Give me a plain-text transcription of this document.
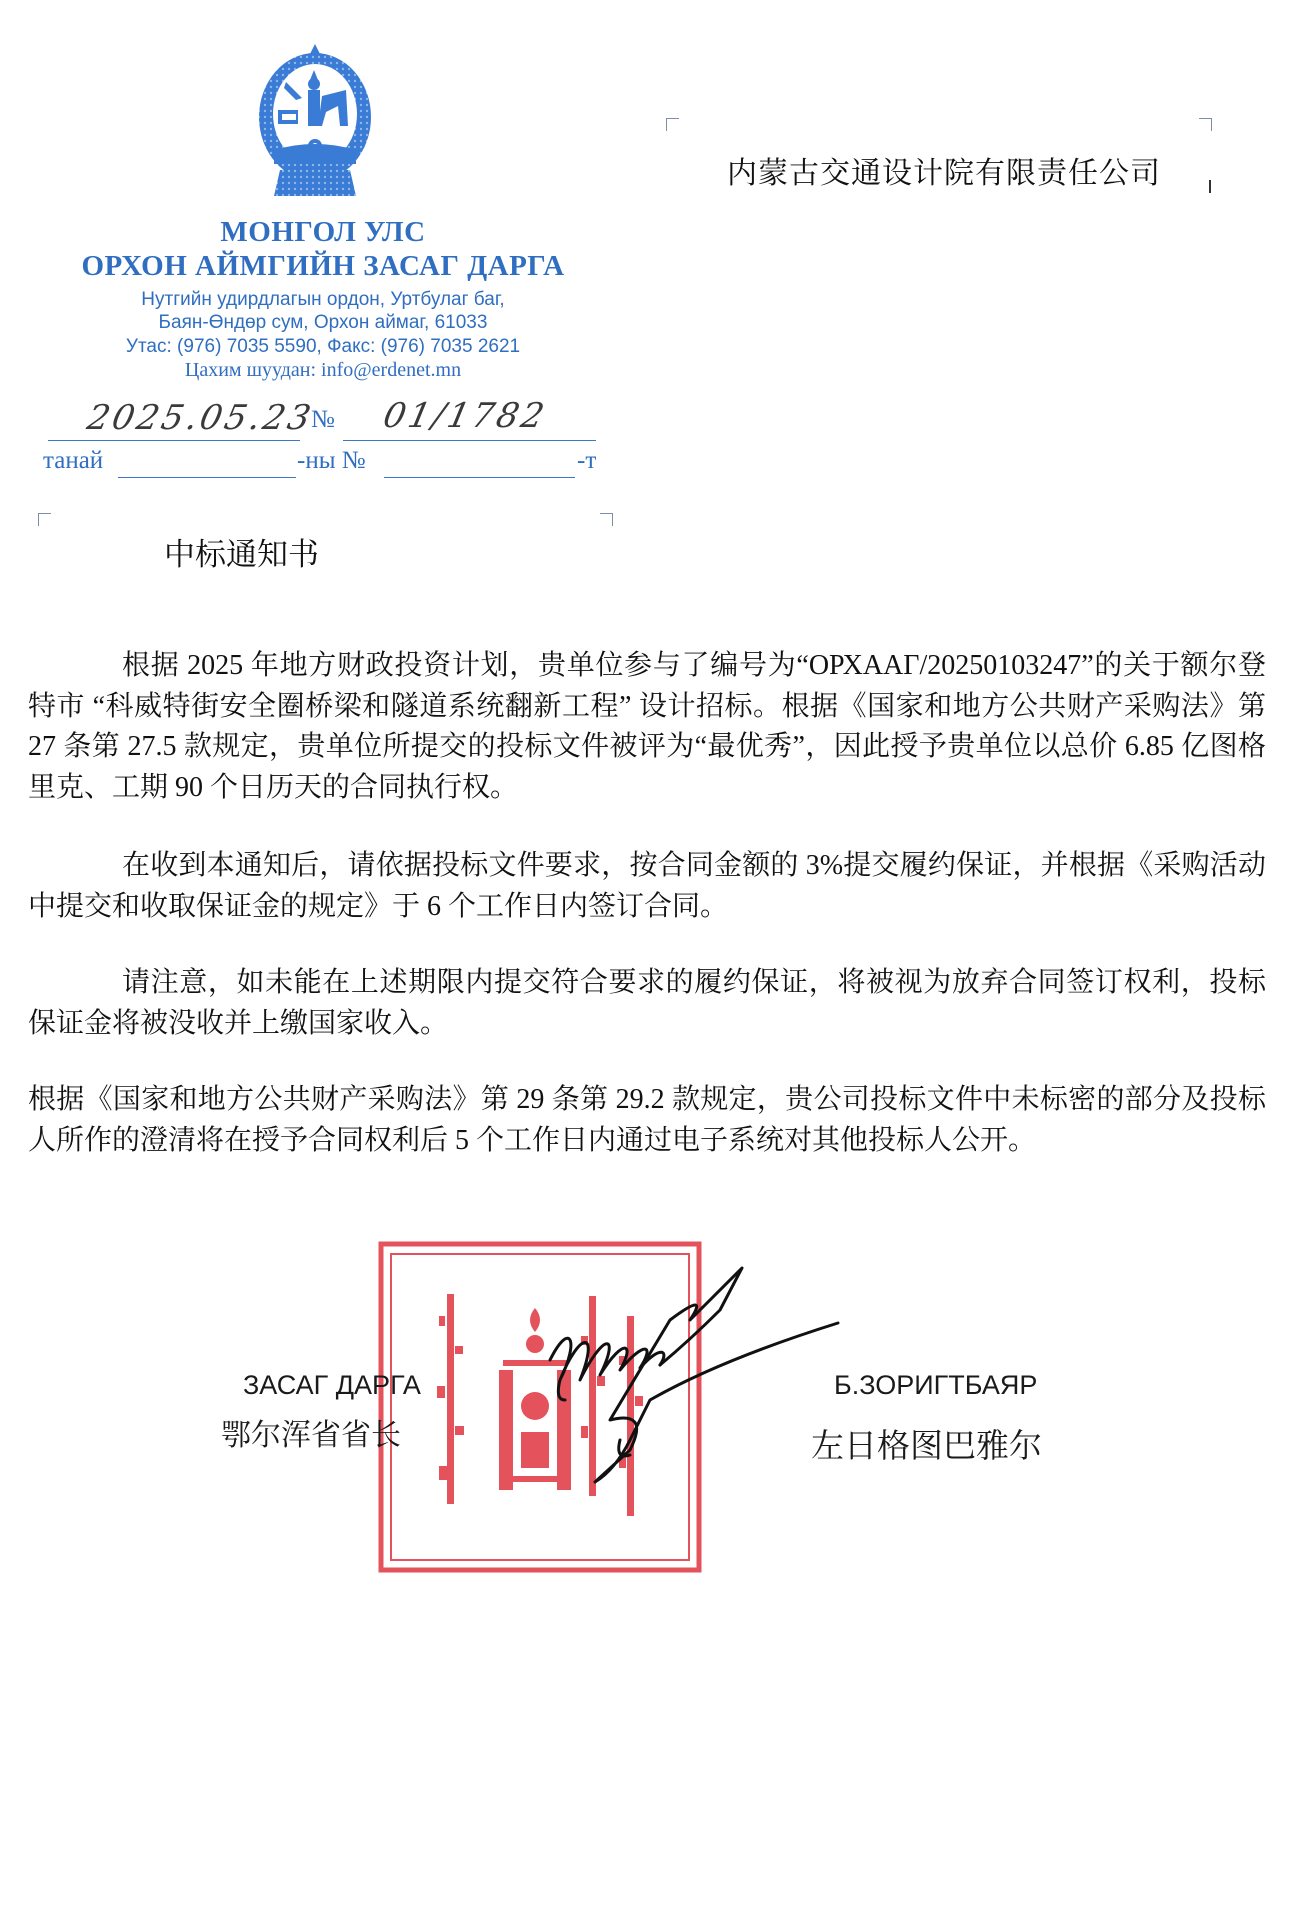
МОНГОЛ УЛС
ОРХОН АЙМГИЙН ЗАСАГ ДАРГА
Нутгийн удирдлагын ордон, Уртбулаг баг,
Баян-Өндөр сум, Орхон аймаг, 61033
Утас: (976) 7035 5590, Факс: (976) 7035 2621
Цахим шуудан: info@erdenet.mn
2025.05.23
№ 01/1782
танай	-ны №	-т
中标通知书
内蒙古交通设计院有限责任公司
根据 2025 年地方财政投资计划，贵单位参与了编号为“ОРХААГ/20250103247”的关于额尔登特市 “科威特街安全圈桥梁和隧道系统翻新工程” 设计招标。根据《国家和地方公共财产采购法》第 27 条第 27.5 款规定，贵单位所提交的投标文件被评为“最优秀”，因此授予贵单位以总价 6.85 亿图格里克、工期 90 个日历天的合同执行权。
在收到本通知后，请依据投标文件要求，按合同金额的 3%提交履约保证，并根据《采购活动中提交和收取保证金的规定》于 6 个工作日内签订合同。
请注意，如未能在上述期限内提交符合要求的履约保证，将被视为放弃合同签订权利，投标保证金将被没收并上缴国家收入。
根据《国家和地方公共财产采购法》第 29 条第 29.2 款规定，贵公司投标文件中未标密的部分及投标人所作的澄清将在授予合同权利后 5 个工作日内通过电子系统对其他投标人公开。
ЗАСАГ ДАРГА
鄂尔浑省省长
Б.ЗОРИГТБАЯР
左日格图巴雅尔
